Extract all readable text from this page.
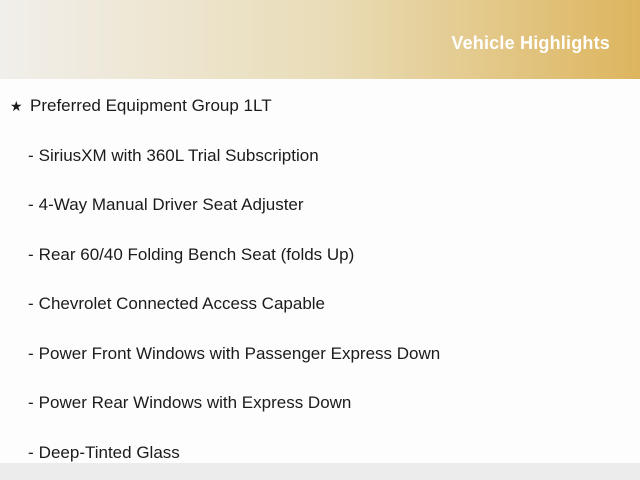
Vehicle Highlights
★ Preferred Equipment Group 1LT
- SiriusXM with 360L Trial Subscription
- 4-Way Manual Driver Seat Adjuster
- Rear 60/40 Folding Bench Seat (folds Up)
- Chevrolet Connected Access Capable
- Power Front Windows with Passenger Express Down
- Power Rear Windows with Express Down
- Deep-Tinted Glass
